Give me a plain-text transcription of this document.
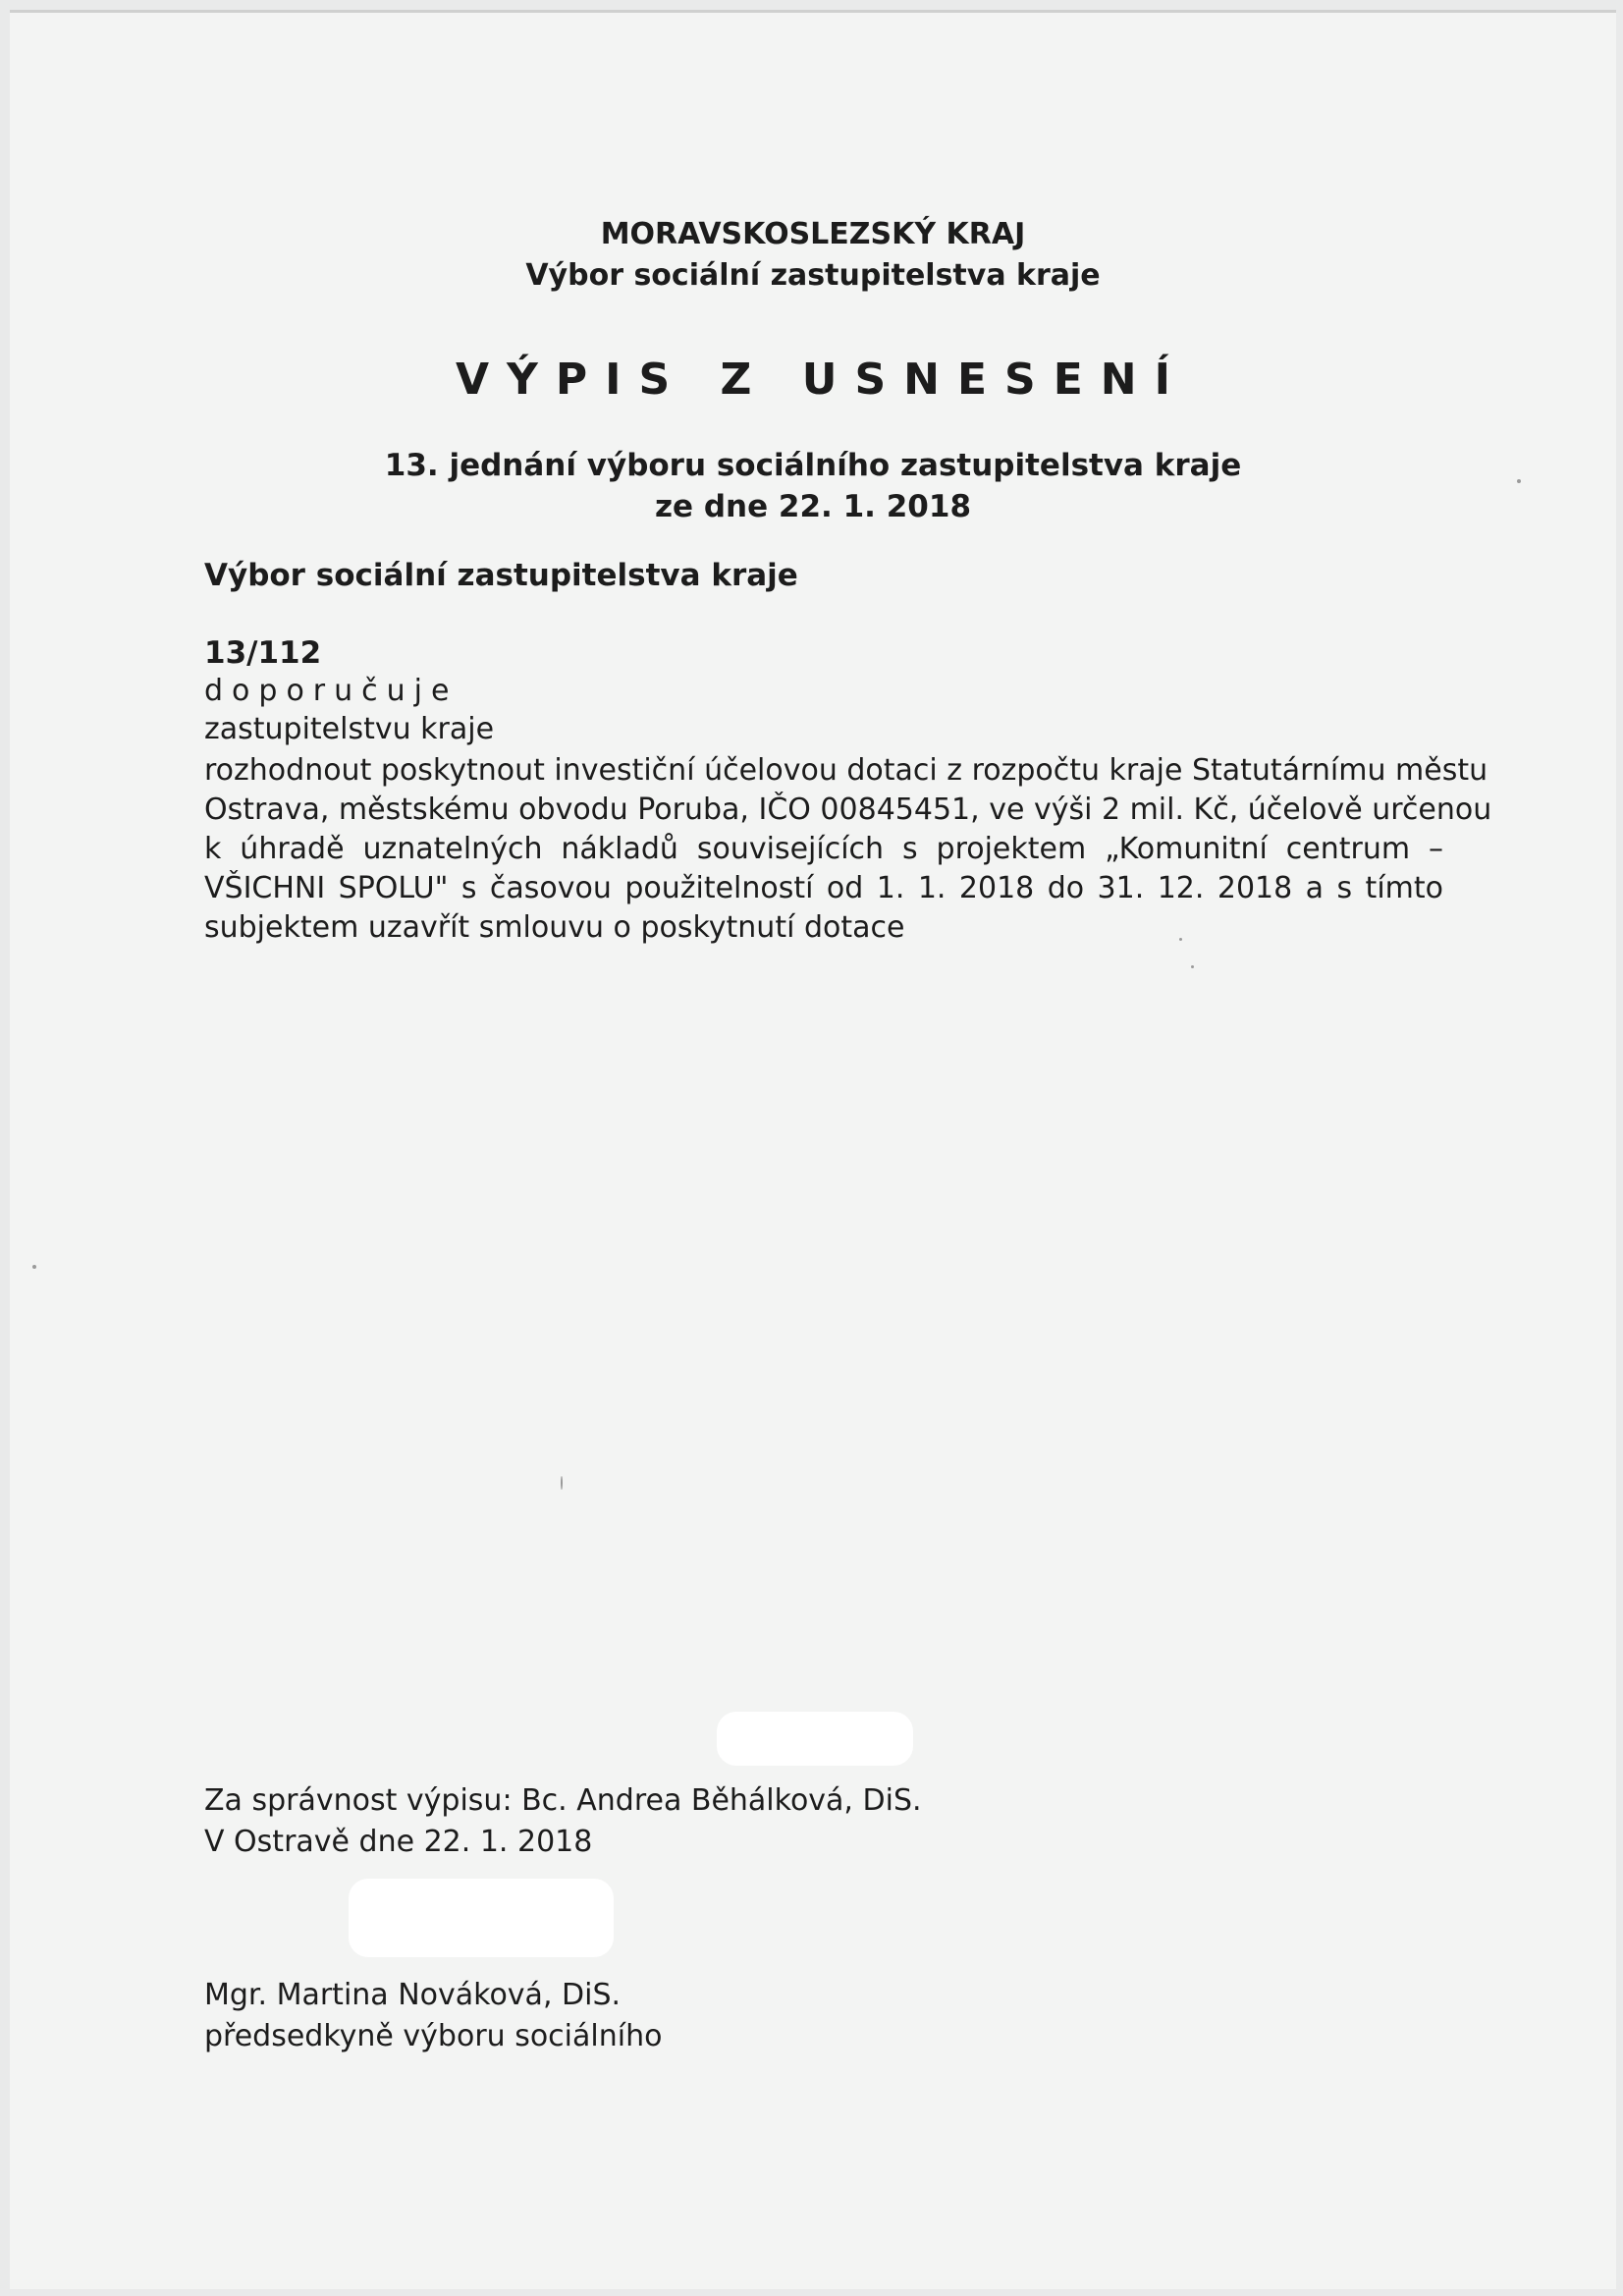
MORAVSKOSLEZSKÝ KRAJ
Výbor sociální zastupitelstva kraje
VÝPIS Z USNESENÍ
13. jednání výboru sociálního zastupitelstva kraje
ze dne 22. 1. 2018
Výbor sociální zastupitelstva kraje
13/112
doporučuje
zastupitelstvu kraje
rozhodnout poskytnout investiční účelovou dotaci z rozpočtu kraje Statutárnímu městu
Ostrava, městskému obvodu Poruba, IČO 00845451, ve výši 2 mil. Kč, účelově určenou
k úhradě uznatelných nákladů souvisejících s projektem „Komunitní centrum –
VŠICHNI SPOLU" s časovou použitelností od 1. 1. 2018 do 31. 12. 2018 a s tímto
subjektem uzavřít smlouvu o poskytnutí dotace
Za správnost výpisu: Bc. Andrea Běhálková, DiS.
V Ostravě dne 22. 1. 2018
Mgr. Martina Nováková, DiS.
předsedkyně výboru sociálního
